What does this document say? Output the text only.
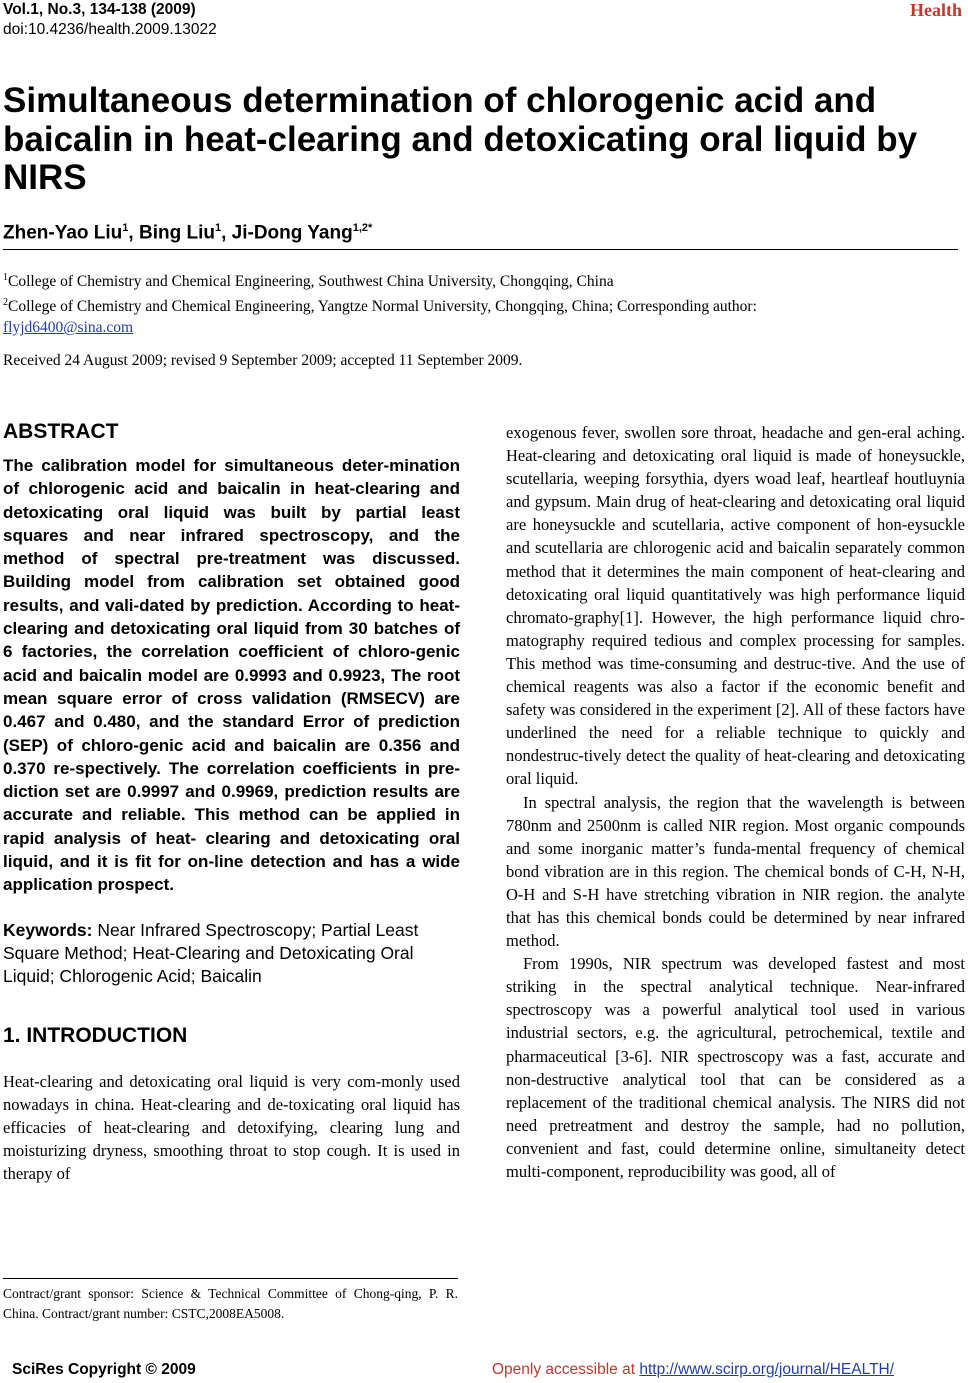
Vol.1, No.3, 134-138 (2009)
doi:10.4236/health.2009.13022
Health
Simultaneous determination of chlorogenic acid and baicalin in heat-clearing and detoxicating oral liquid by NIRS
Zhen-Yao Liu$^1$, Bing Liu$^1$, Ji-Dong Yang$^{1,2*}$
$^1$College of Chemistry and Chemical Engineering, Southwest China University, Chongqing, China
$^2$College of Chemistry and Chemical Engineering, Yangtze Normal University, Chongqing, China; Corresponding author:
flyjd6400@sina.com
Received 24 August 2009; revised 9 September 2009; accepted 11 September 2009.
ABSTRACT
The calibration model for simultaneous deter-mination of chlorogenic acid and baicalin in heat-clearing and detoxicating oral liquid was built by partial least squares and near infrared spectroscopy, and the method of spectral pre-treatment was discussed. Building model from calibration set obtained good results, and vali-dated by prediction. According to heat-clearing and detoxicating oral liquid from 30 batches of 6 factories, the correlation coefficient of chloro-genic acid and baicalin model are 0.9993 and 0.9923, The root mean square error of cross validation (RMSECV) are 0.467 and 0.480, and the standard Error of prediction (SEP) of chloro-genic acid and baicalin are 0.356 and 0.370 re-spectively. The correlation coefficients in pre-diction set are 0.9997 and 0.9969, prediction results are accurate and reliable. This method can be applied in rapid analysis of heat- clearing and detoxicating oral liquid, and it is fit for on-line detection and has a wide application prospect.
Keywords: Near Infrared Spectroscopy; Partial Least Square Method; Heat-Clearing and Detoxicating Oral Liquid; Chlorogenic Acid; Baicalin
1. INTRODUCTION

Heat-clearing and detoxicating oral liquid is very com-monly used nowadays in china. Heat-clearing and de-toxicating oral liquid has efficacies of heat-clearing and detoxifying, clearing lung and moisturizing dryness, smoothing throat to stop cough. It is used in therapy of

exogenous fever, swollen sore throat, headache and gen-eral aching. Heat-clearing and detoxicating oral liquid is made of honeysuckle, scutellaria, weeping forsythia, dyers woad leaf, heartleaf houtluynia and gypsum. Main drug of heat-clearing and detoxicating oral liquid are honeysuckle and scutellaria, active component of hon-eysuckle and scutellaria are chlorogenic acid and baicalin separately common method that it determines the main component of heat-clearing and detoxicating oral liquid quantitatively was high performance liquid chromato-graphy[1]. However, the high performance liquid chro-matography required tedious and complex processing for samples. This method was time-consuming and destruc-tive. And the use of chemical reagents was also a factor if the economic benefit and safety was considered in the experiment [2]. All of these factors have underlined the need for a reliable technique to quickly and nondestruc-tively detect the quality of heat-clearing and detoxicating oral liquid.

In spectral analysis, the region that the wavelength is between 780nm and 2500nm is called NIR region. Most organic compounds and some inorganic matter’s funda-mental frequency of chemical bond vibration are in this region. The chemical bonds of C-H, N-H, O-H and S-H have stretching vibration in NIR region. the analyte that has this chemical bonds could be determined by near infrared method.

From 1990s, NIR spectrum was developed fastest and most striking in the spectral analytical technique. Near-infrared spectroscopy was a powerful analytical tool used in various industrial sectors, e.g. the agricultural, petrochemical, textile and pharmaceutical [3-6]. NIR spectroscopy was a fast, accurate and non-destructive analytical tool that can be considered as a replacement of the traditional chemical analysis. The NIRS did not need pretreatment and destroy the sample, had no pollution, convenient and fast, could determine online, simultaneity detect multi-component, reproducibility was good, all of

Contract/grant sponsor: Science & Technical Committee of Chong-qing, P. R. China. Contract/grant number: CSTC,2008EA5008.
SciRes Copyright © 2009	Openly accessible at http://www.scirp.org/journal/HEALTH/
